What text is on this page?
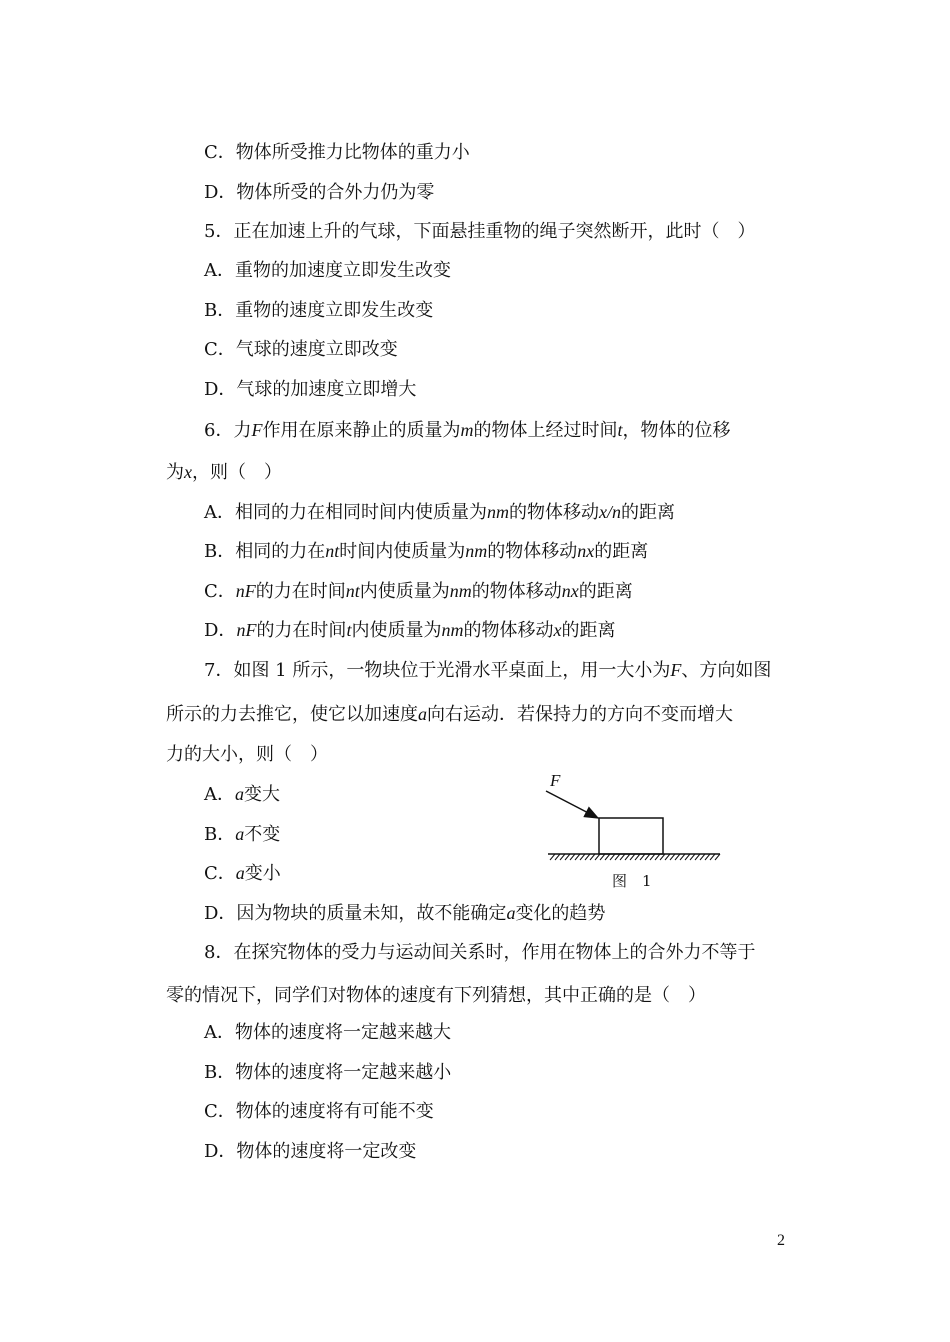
C．物体所受推力比物体的重力小
D．物体所受的合外力仍为零
5．正在加速上升的气球，下面悬挂重物的绳子突然断开，此时（　）
A．重物的加速度立即发生改变
B．重物的速度立即发生改变
C．气球的速度立即改变
D．气球的加速度立即增大
6．力F作用在原来静止的质量为m的物体上经过时间t，物体的位移
为x，则（　）
A．相同的力在相同时间内使质量为nm的物体移动x/n的距离
B．相同的力在nt时间内使质量为nm的物体移动nx的距离
C．nF的力在时间nt内使质量为nm的物体移动nx的距离
D．nF的力在时间t内使质量为nm的物体移动x的距离
7．如图 1 所示，一物块位于光滑水平桌面上，用一大小为F、方向如图
所示的力去推它，使它以加速度a向右运动．若保持力的方向不变而增大
力的大小，则（　）
A．a变大
B．a不变
C．a变小
D．因为物块的质量未知，故不能确定a变化的趋势
F
图　1
8．在探究物体的受力与运动间关系时，作用在物体上的合外力不等于
零的情况下，同学们对物体的速度有下列猜想，其中正确的是（　）
A．物体的速度将一定越来越大
B．物体的速度将一定越来越小
C．物体的速度将有可能不变
D．物体的速度将一定改变
2
